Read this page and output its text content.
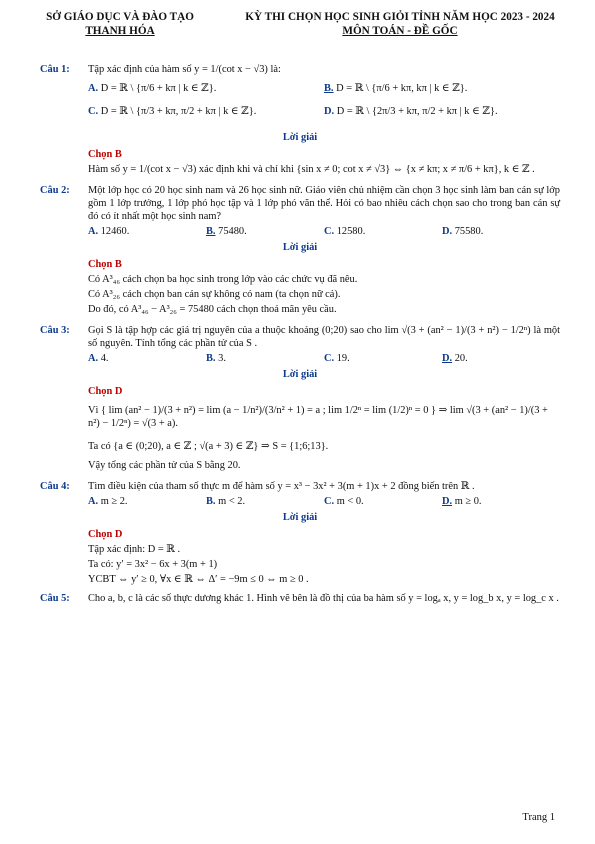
SỞ GIÁO DỤC VÀ ĐÀO TẠO
THANH HÓA
KỲ THI CHỌN HỌC SINH GIỎI TỈNH NĂM HỌC 2023 - 2024
MÔN TOÁN - ĐỀ GỐC
Câu 1:	Tập xác định của hàm số y = 1/(cot x − √3) là:
A. D = ℝ \ {π/6 + kπ | k ∈ ℤ}.	B. D = ℝ \ {π/6 + kπ, kπ | k ∈ ℤ}.
C. D = ℝ \ {π/3 + kπ, π/2 + kπ | k ∈ ℤ}.	D. D = ℝ \ {2π/3 + kπ, π/2 + kπ | k ∈ ℤ}.
Lời giải
Chọn B
Hàm số y = 1/(cot x − √3) xác định khi và chỉ khi {sin x ≠ 0; cot x ≠ √3} ⇔ {x ≠ kπ; x ≠ π/6 + kπ}, k ∈ ℤ .
Câu 2:	Một lớp học có 20 học sinh nam và 26 học sinh nữ. Giáo viên chủ nhiệm cần chọn 3 học sinh làm ban cán sự lớp gồm 1 lớp trưởng, 1 lớp phó học tập và 1 lớp phó văn thể. Hỏi có bao nhiêu cách chọn sao cho trong ban cán sự đó có ít nhất một học sinh nam?
A. 12460.	B. 75480.	C. 12580.	D. 75580.
Lời giải
Chọn B
Có A³₄₆ cách chọn ba học sinh trong lớp vào các chức vụ đã nêu.
Có A³₂₆ cách chọn ban cán sự không có nam (ta chọn nữ cả).
Do đó, có A³₄₆ − A³₂₆ = 75480 cách chọn thoả mãn yêu cầu.
Câu 3:	Gọi S là tập hợp các giá trị nguyên của a thuộc khoảng (0;20) sao cho lim √(3 + (an² − 1)/(3 + n²) − 1/2ⁿ) là một số nguyên. Tính tổng các phần tử của S .
A. 4.	B. 3.	C. 19.	D. 20.
Lời giải
Chọn D
Vì { lim (an² − 1)/(3 + n²) = lim (a − 1/n²)/(3/n² + 1) = a ; lim 1/2ⁿ = lim (1/2)ⁿ = 0 } ⇒ lim √(3 + (an² − 1)/(3 + n²) − 1/2ⁿ) = √(3 + a).
Ta có {a ∈ (0;20), a ∈ ℤ ; √(a + 3) ∈ ℤ} ⇒ S = {1;6;13}.
Vậy tổng các phần tử của S bằng 20.
Câu 4:	Tìm điều kiện của tham số thực m để hàm số y = x³ − 3x² + 3(m + 1)x + 2 đồng biến trên ℝ .
A. m ≥ 2.	B. m < 2.	C. m < 0.	D. m ≥ 0.
Lời giải
Chọn D
Tập xác định: D = ℝ .
Ta có: y′ = 3x² − 6x + 3(m + 1)
YCBT ⇔ y′ ≥ 0, ∀x ∈ ℝ ⇔ Δ′ = −9m ≤ 0 ⇔ m ≥ 0 .
Câu 5:	Cho a, b, c là các số thực dương khác 1. Hình vẽ bên là đồ thị của ba hàm số y = logₐ x, y = log_b x, y = log_c x .
Trang 1
